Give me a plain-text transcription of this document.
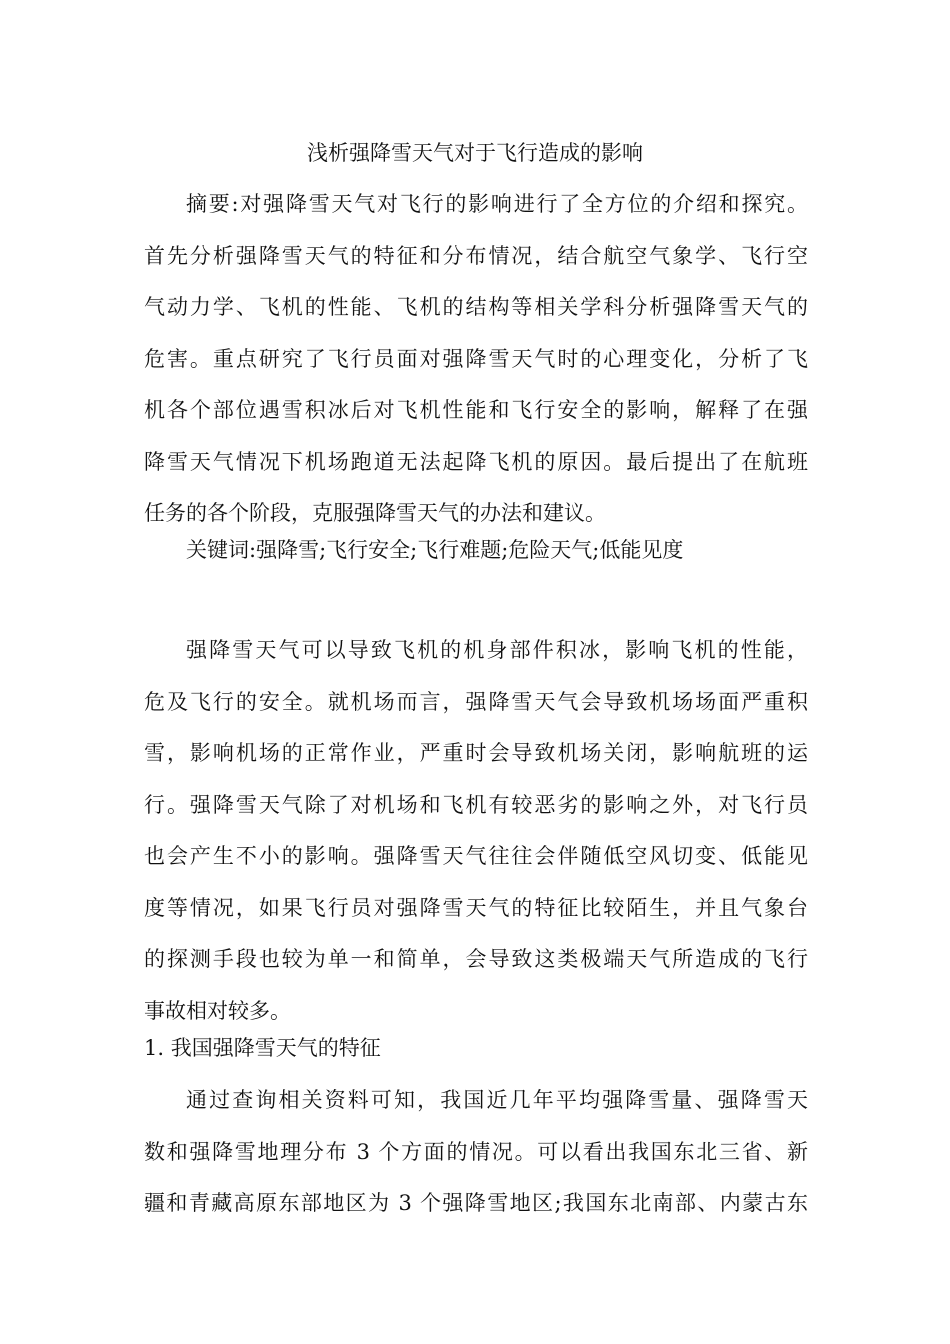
浅析强降雪天气对于飞行造成的影响
摘要:对强降雪天气对飞行的影响进行了全方位的介绍和探究。
首先分析强降雪天气的特征和分布情况，结合航空气象学、飞行空
气动力学、飞机的性能、飞机的结构等相关学科分析强降雪天气的
危害。重点研究了飞行员面对强降雪天气时的心理变化，分析了飞
机各个部位遇雪积冰后对飞机性能和飞行安全的影响，解释了在强
降雪天气情况下机场跑道无法起降飞机的原因。最后提出了在航班
任务的各个阶段，克服强降雪天气的办法和建议。
关键词:强降雪;飞行安全;飞行难题;危险天气;低能见度
强降雪天气可以导致飞机的机身部件积冰，影响飞机的性能，
危及飞行的安全。就机场而言，强降雪天气会导致机场场面严重积
雪，影响机场的正常作业，严重时会导致机场关闭，影响航班的运
行。强降雪天气除了对机场和飞机有较恶劣的影响之外，对飞行员
也会产生不小的影响。强降雪天气往往会伴随低空风切变、低能见
度等情况，如果飞行员对强降雪天气的特征比较陌生，并且气象台
的探测手段也较为单一和简单，会导致这类极端天气所造成的飞行
事故相对较多。
1. 我国强降雪天气的特征
通过查询相关资料可知，我国近几年平均强降雪量、强降雪天
数和强降雪地理分布 3 个方面的情况。可以看出我国东北三省、新
疆和青藏高原东部地区为 3 个强降雪地区;我国东北南部、内蒙古东
